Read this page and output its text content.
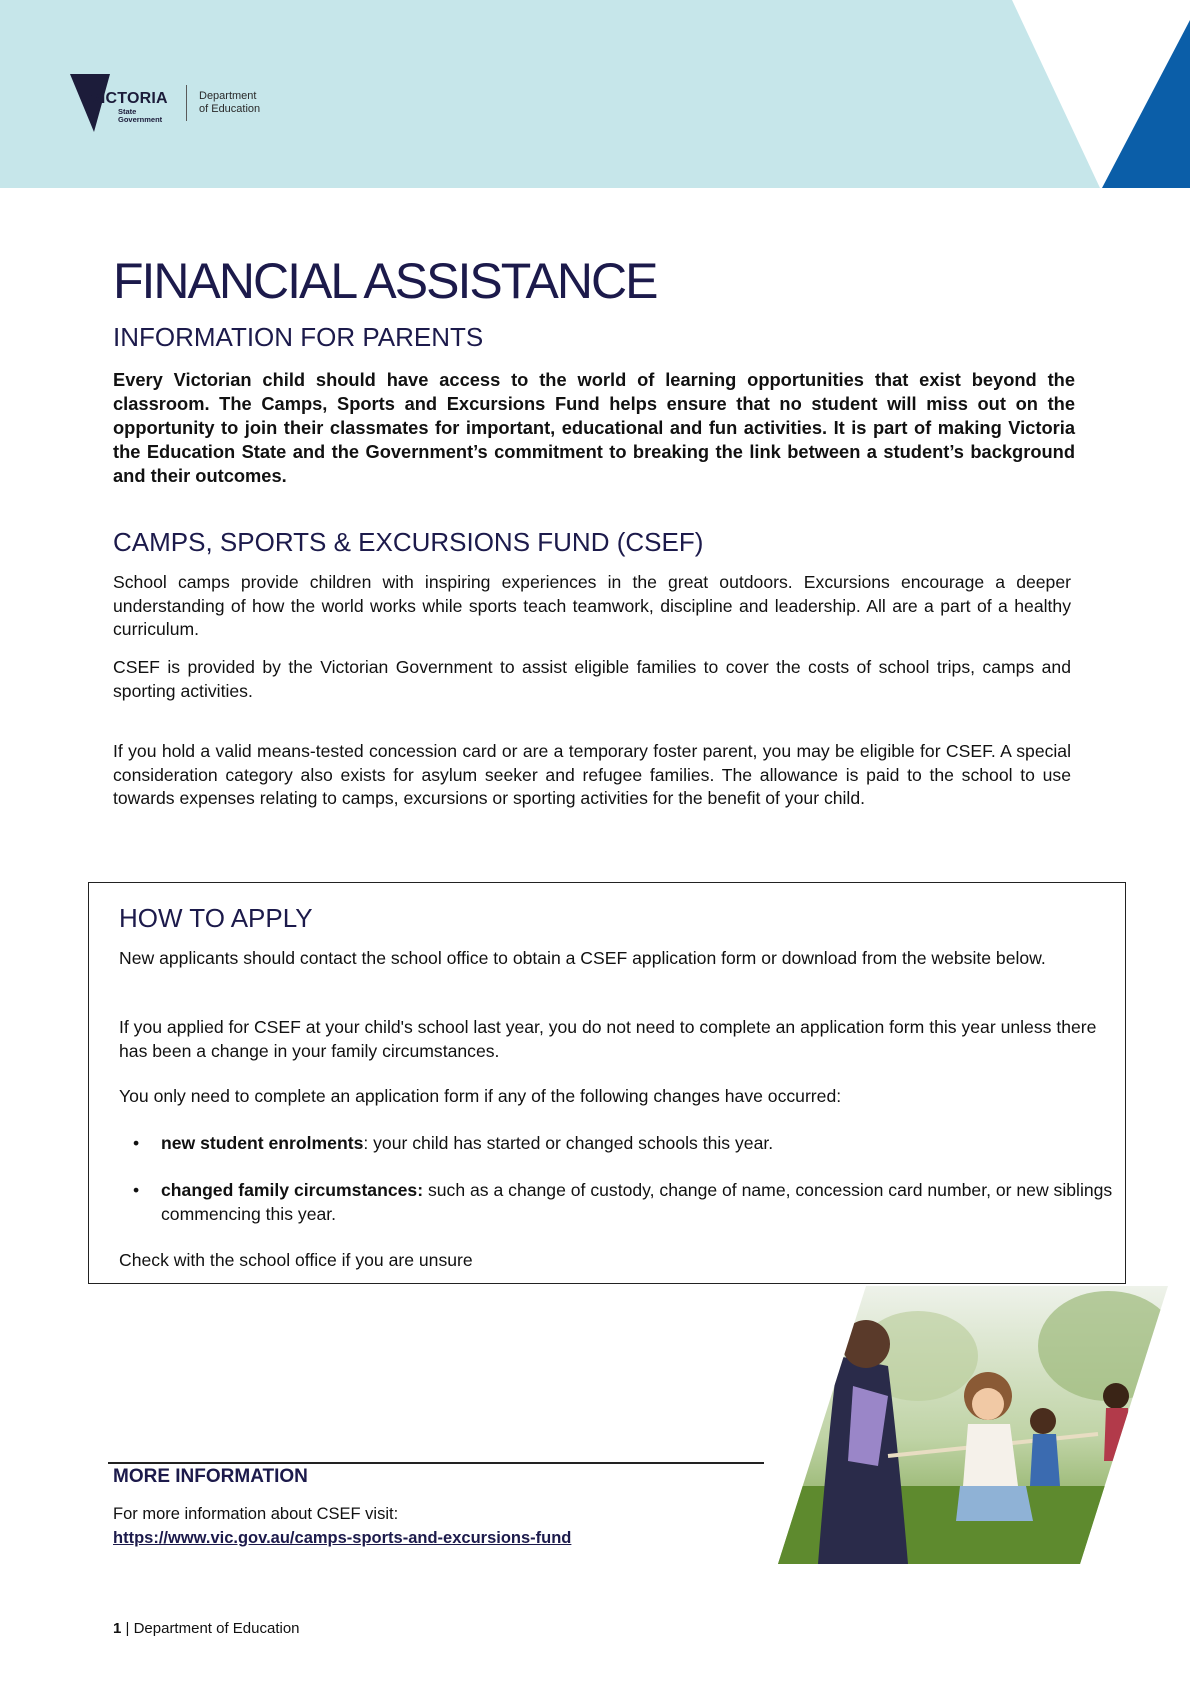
VICTORIA
State
Government
Department
of Education
FINANCIAL ASSISTANCE
INFORMATION FOR PARENTS

Every Victorian child should have access to the world of learning opportunities that exist beyond the classroom. The Camps, Sports and Excursions Fund helps ensure that no student will miss out on the opportunity to join their classmates for important, educational and fun activities. It is part of making Victoria the Education State and the Government’s commitment to breaking the link between a student’s background and their outcomes.

CAMPS, SPORTS & EXCURSIONS FUND (CSEF)

School camps provide children with inspiring experiences in the great outdoors. Excursions encourage a deeper understanding of how the world works while sports teach teamwork, discipline and leadership. All are a part of a healthy curriculum.

CSEF is provided by the Victorian Government to assist eligible families to cover the costs of school trips, camps and sporting activities.

If you hold a valid means-tested concession card or are a temporary foster parent, you may be eligible for CSEF. A special consideration category also exists for asylum seeker and refugee families. The allowance is paid to the school to use towards expenses relating to camps, excursions or sporting activities for the benefit of your child.

HOW TO APPLY

New applicants should contact the school office to obtain a CSEF application form or download from the website below.

If you applied for CSEF at your child's school last year, you do not need to complete an application form this year unless there has been a change in your family circumstances.

You only need to complete an application form if any of the following changes have occurred:

• new student enrolments: your child has started or changed schools this year.
• changed family circumstances: such as a change of custody, change of name, concession card number, or new siblings commencing this year.

Check with the school office if you are unsure

MORE INFORMATION

For more information about CSEF visit:

https://www.vic.gov.au/camps-sports-and-excursions-fund
1 | Department of Education
